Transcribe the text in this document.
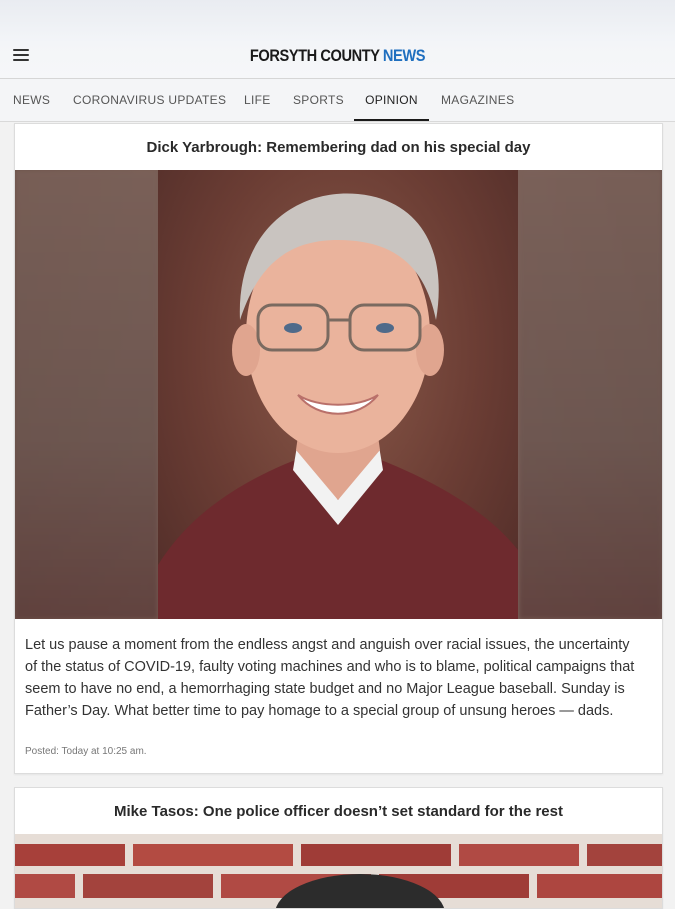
FORSYTH COUNTY NEWS
NEWS CORONAVIRUS UPDATES LIFE SPORTS	OPINION	MAGAZINES
Dick Yarbrough: Remembering dad on his special day
Let us pause a moment from the endless angst and anguish over racial issues, the uncertainty of the status of COVID-19, faulty voting machines and who is to blame, political campaigns that seem to have no end, a hemorrhaging state budget and no Major League baseball. Sunday is Father’s Day. What better time to pay homage to a special group of unsung heroes — dads.
Posted: Today at 10:25 am.
Mike Tasos: One police officer doesn’t set standard for the rest
